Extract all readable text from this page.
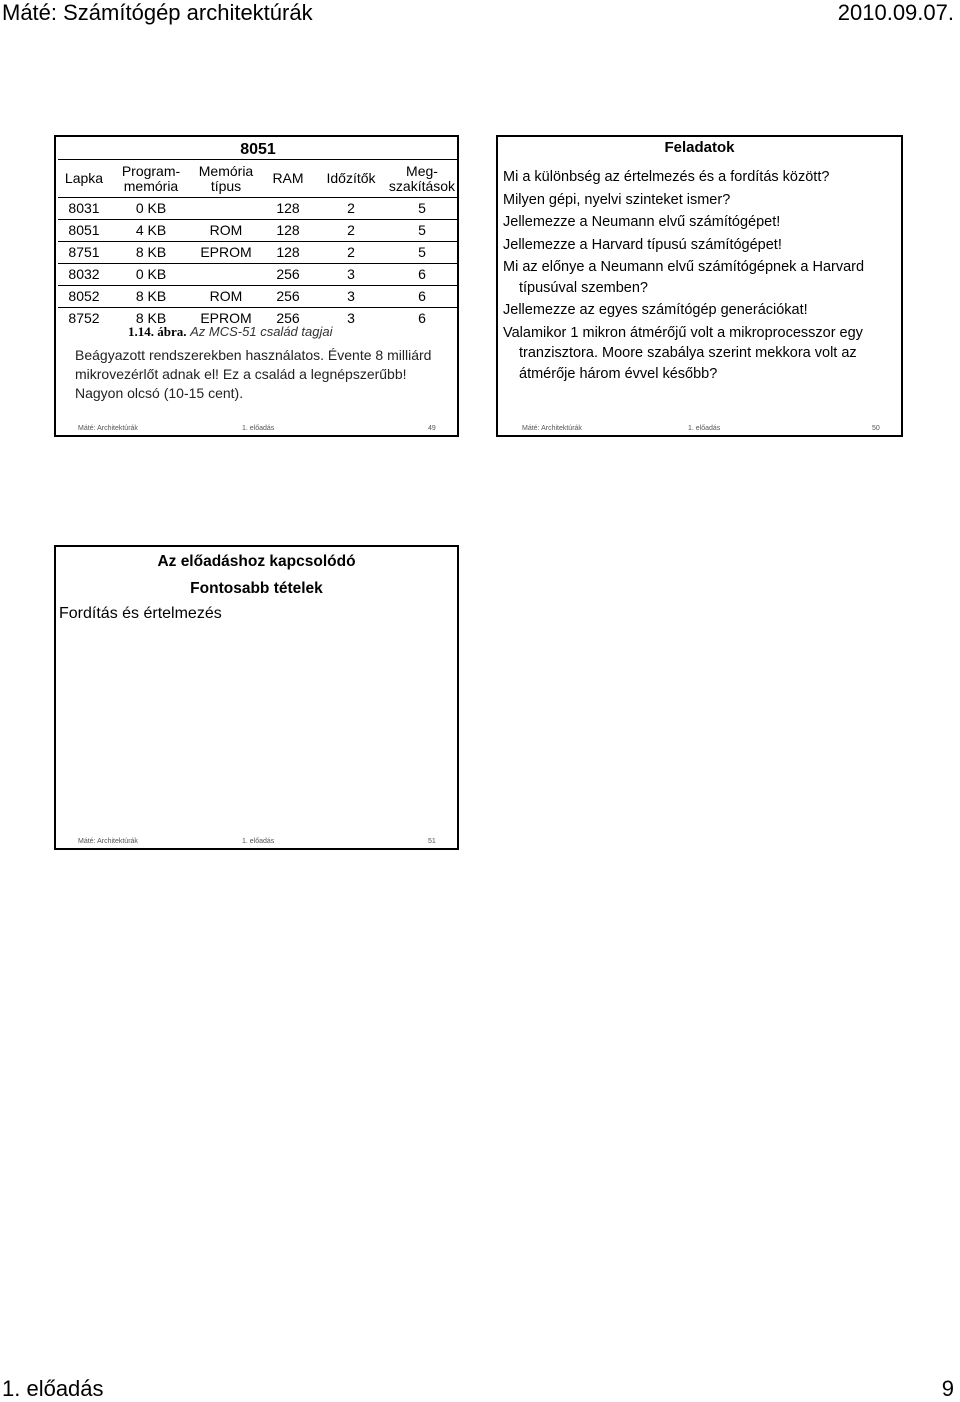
Máté: Számítógép architektúrák	2010.09.07.
8051					
Lapka	Program-memória	Memória típus	RAM	Időzítők	Meg-szakítások
8031	0 KB		128	2	5
8051	4 KB	ROM	128	2	5
8751	8 KB	EPROM	128	2	5
8032	0 KB		256	3	6
8052	8 KB	ROM	256	3	6
8752	8 KB	EPROM	256	3	6
1.14. ábra. Az MCS-51 család tagjai
Beágyazott rendszerekben használatos. Évente 8 milliárd mikrovezérlőt adnak el! Ez a család a legnépszerűbb! Nagyon olcsó (10-15 cent).
Máté: Architektúrák	1. előadás	49
Feladatok
Mi a különbség az értelmezés és a fordítás között?
Milyen gépi, nyelvi szinteket ismer?
Jellemezze a Neumann elvű számítógépet!
Jellemezze a Harvard típusú számítógépet!
Mi az előnye a Neumann elvű számítógépnek a Harvard típusúval szemben?
Jellemezze az egyes számítógép generációkat!
Valamikor 1 mikron átmérőjű volt a mikroprocesszor egy tranzisztora. Moore szabálya szerint mekkora volt az átmérője három évvel később?
Máté: Architektúrák	1. előadás	50
Az előadáshoz kapcsolódó
Fontosabb tételek
Fordítás és értelmezés
Máté: Architektúrák	1. előadás	51
1. előadás	9
